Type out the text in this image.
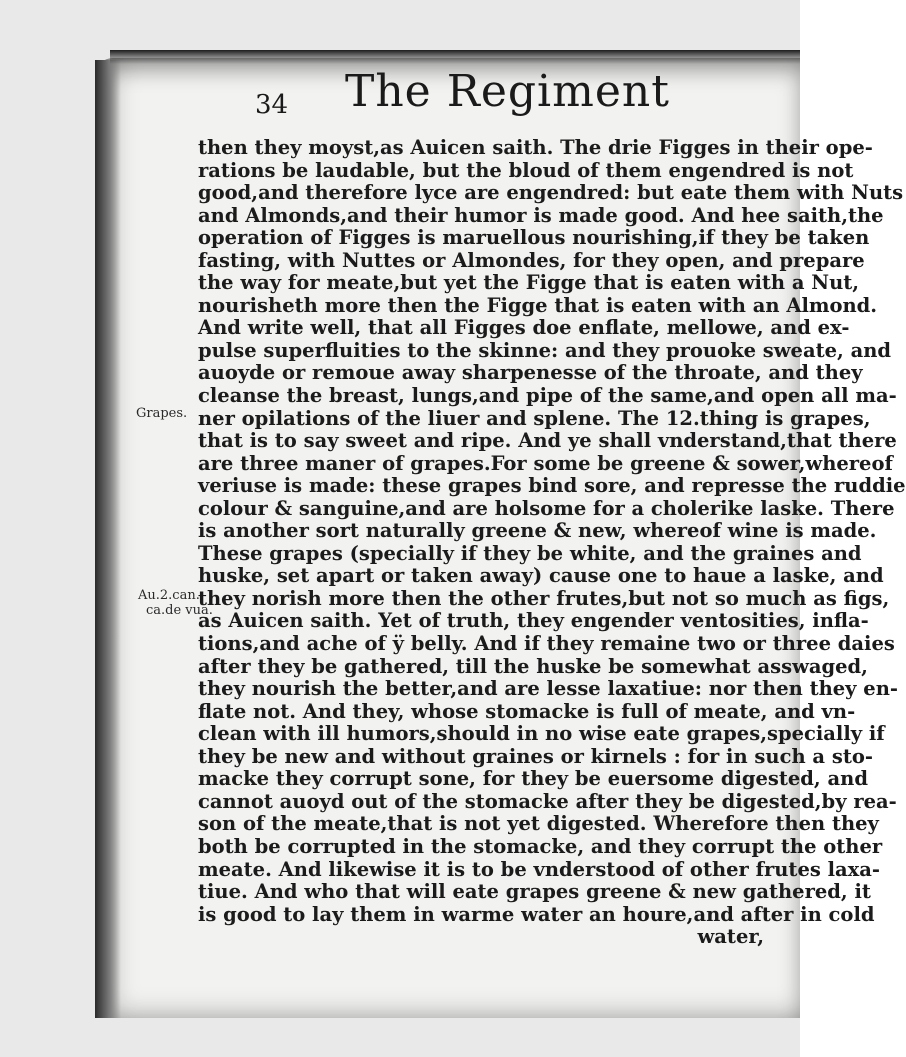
34 The Regiment
Grapes.
Au.2.can.
ca.de vua.
then they moyst,as Auicen saith. The drie Figges in their ope-
rations be laudable, but the bloud of them engendred is not
good,and therefore lyce are engendred: but eate them with Nuts
and Almonds,and their humor is made good. And hee saith,the
operation of Figges is maruellous nourishing,if they be taken
fasting, with Nuttes or Almondes, for they open, and prepare
the way for meate,but yet the Figge that is eaten with a Nut,
nourisheth more then the Figge that is eaten with an Almond.
And write well, that all Figges doe enflate, mellowe, and ex-
pulse superfluities to the skinne: and they prouoke sweate, and
auoyde or remoue away sharpenesse of the throate, and they
cleanse the breast, lungs,and pipe of the same,and open all ma-
ner opilations of the liuer and splene. The 12.thing is grapes,
that is to say sweet and ripe. And ye shall vnderstand,that there
are three maner of grapes.For some be greene & sower,whereof
veriuse is made: these grapes bind sore, and represse the ruddie
colour & sanguine,and are holsome for a cholerike laske. There
is another sort naturally greene & new, whereof wine is made.
These grapes (specially if they be white, and the graines and
huske, set apart or taken away) cause one to haue a laske, and
they norish more then the other frutes,but not so much as figs,
as Auicen saith. Yet of truth, they engender ventosities, infla-
tions,and ache of ÿ belly. And if they remaine two or three daies
after they be gathered, till the huske be somewhat asswaged,
they nourish the better,and are lesse laxatiue: nor then they en-
flate not. And they, whose stomacke is full of meate, and vn-
clean with ill humors,should in no wise eate grapes,specially if
they be new and without graines or kirnels : for in such a sto-
macke they corrupt sone, for they be euersome digested, and
cannot auoyd out of the stomacke after they be digested,by rea-
son of the meate,that is not yet digested. Wherefore then they
both be corrupted in the stomacke, and they corrupt the other
meate. And likewise it is to be vnderstood of other frutes laxa-
tiue. And who that will eate grapes greene & new gathered, it
is good to lay them in warme water an houre,and after in cold
water,
